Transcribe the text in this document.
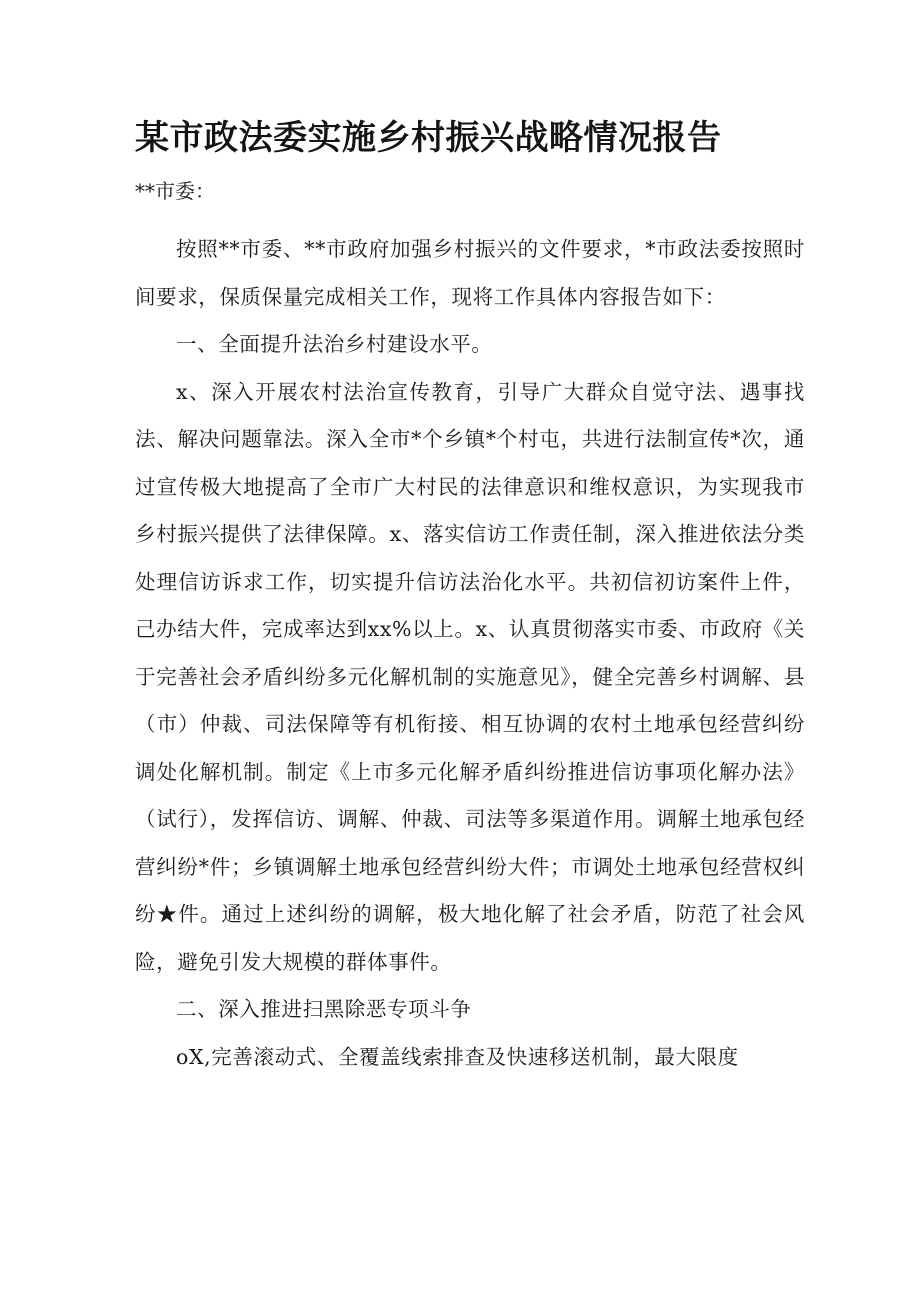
某市政法委实施乡村振兴战略情况报告
**市委：

按照**市委、**市政府加强乡村振兴的文件要求，*市政法委按照时间要求，保质保量完成相关工作，现将工作具体内容报告如下：

一、全面提升法治乡村建设水平。

x、深入开展农村法治宣传教育，引导广大群众自觉守法、遇事找法、解决问题靠法。深入全市*个乡镇*个村屯，共进行法制宣传*次，通过宣传极大地提高了全市广大村民的法律意识和维权意识，为实现我市乡村振兴提供了法律保障。x、落实信访工作责任制，深入推进依法分类处理信访诉求工作，切实提升信访法治化水平。共初信初访案件上件，己办结大件，完成率达到xx%以上。x、认真贯彻落实市委、市政府《关于完善社会矛盾纠纷多元化解机制的实施意见》，健全完善乡村调解、县（市）仲裁、司法保障等有机衔接、相互协调的农村土地承包经营纠纷调处化解机制。制定《上市多元化解矛盾纠纷推进信访事项化解办法》（试行），发挥信访、调解、仲裁、司法等多渠道作用。调解土地承包经营纠纷*件；乡镇调解土地承包经营纠纷大件；市调处土地承包经营权纠纷★件。通过上述纠纷的调解，极大地化解了社会矛盾，防范了社会风险，避免引发大规模的群体事件。

二、深入推进扫黑除恶专项斗争

oX,完善滚动式、全覆盖线索排查及快速移送机制，最大限度
